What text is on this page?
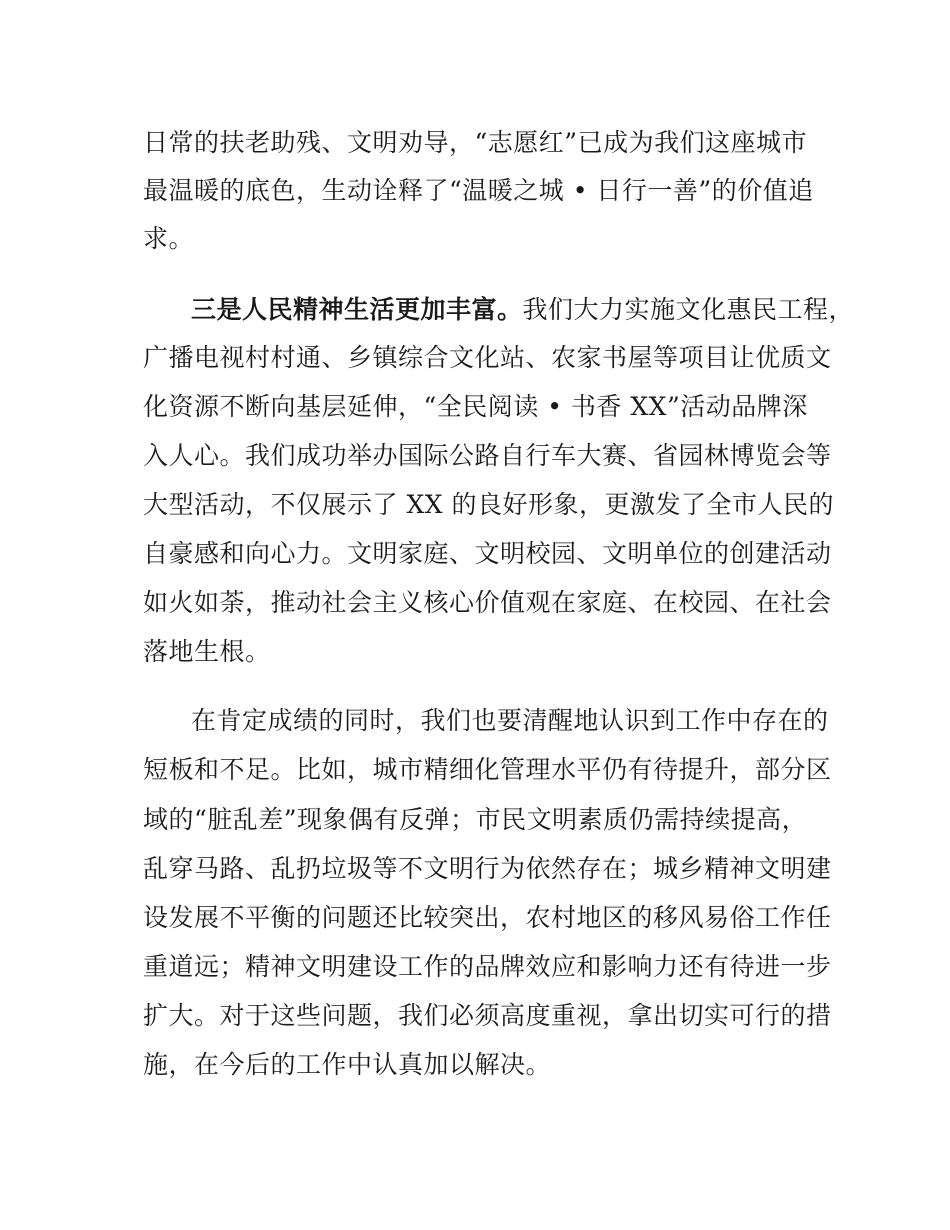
日常的扶老助残、文明劝导，“志愿红”已成为我们这座城市
最温暖的底色，生动诠释了“温暖之城 • 日行一善”的价值追
求。
三是人民精神生活更加丰富。我们大力实施文化惠民工程，
广播电视村村通、乡镇综合文化站、农家书屋等项目让优质文
化资源不断向基层延伸，“全民阅读 • 书香 XX”活动品牌深
入人心。我们成功举办国际公路自行车大赛、省园林博览会等
大型活动，不仅展示了 XX 的良好形象，更激发了全市人民的
自豪感和向心力。文明家庭、文明校园、文明单位的创建活动
如火如荼，推动社会主义核心价值观在家庭、在校园、在社会
落地生根。
在肯定成绩的同时，我们也要清醒地认识到工作中存在的
短板和不足。比如，城市精细化管理水平仍有待提升，部分区
域的“脏乱差”现象偶有反弹；市民文明素质仍需持续提高，
乱穿马路、乱扔垃圾等不文明行为依然存在；城乡精神文明建
设发展不平衡的问题还比较突出，农村地区的移风易俗工作任
重道远；精神文明建设工作的品牌效应和影响力还有待进一步
扩大。对于这些问题，我们必须高度重视，拿出切实可行的措
施，在今后的工作中认真加以解决。
